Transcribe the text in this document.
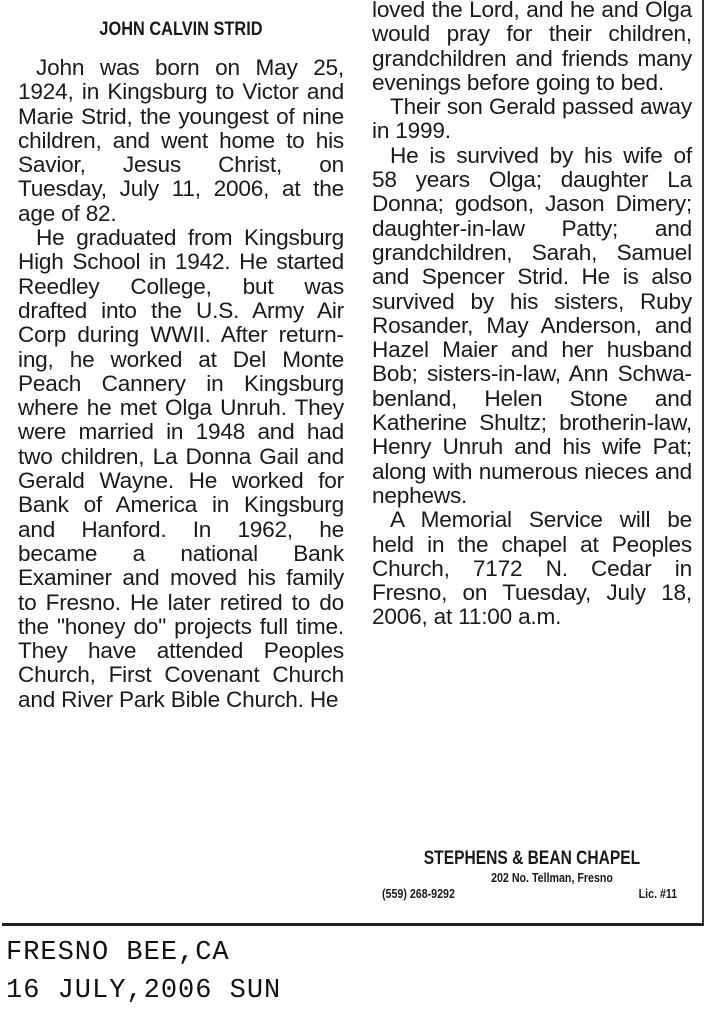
JOHN CALVIN STRID

John was born on May 25, 1924, in Kingsburg to Victor and Marie Strid, the youngest of nine children, and went home to his Savior, Jesus Christ, on Tuesday, July 11, 2006, at the age of 82.

He graduated from Kingsburg High School in 1942. He started Reedley College, but was drafted into the U.S. Army Air Corp during WWII. After returning, he worked at Del Monte Peach Cannery in Kingsburg where he met Olga Unruh. They were married in 1948 and had two children, La Donna Gail and Gerald Wayne. He worked for Bank of America in Kingsburg and Hanford. In 1962, he became a national Bank Examiner and moved his family to Fresno. He later retired to do the "honey do" projects full time. They have attended Peoples Church, First Covenant Church and River Park Bible Church. He

loved the Lord, and he and Olga would pray for their children, grandchildren and friends many evenings before going to bed.

Their son Gerald passed away in 1999.

He is survived by his wife of 58 years Olga; daughter La Donna; godson, Jason Dimery; daughter-in-law Patty; and grandchildren, Sarah, Samuel and Spencer Strid. He is also survived by his sisters, Ruby Rosander, May Anderson, and Hazel Maier and her husband Bob; sisters-in-law, Ann Schwabenland, Helen Stone and Katherine Shultz; brotherin-law, Henry Unruh and his wife Pat; along with numerous nieces and nephews.

A Memorial Service will be held in the chapel at Peoples Church, 7172 N. Cedar in Fresno, on Tuesday, July 18, 2006, at 11:00 a.m.

STEPHENS & BEAN CHAPEL
202 No. Tellman, Fresno
(559) 268-9292	Lic. #11
FRESNO BEE,CA
16 JULY,2006 SUN
